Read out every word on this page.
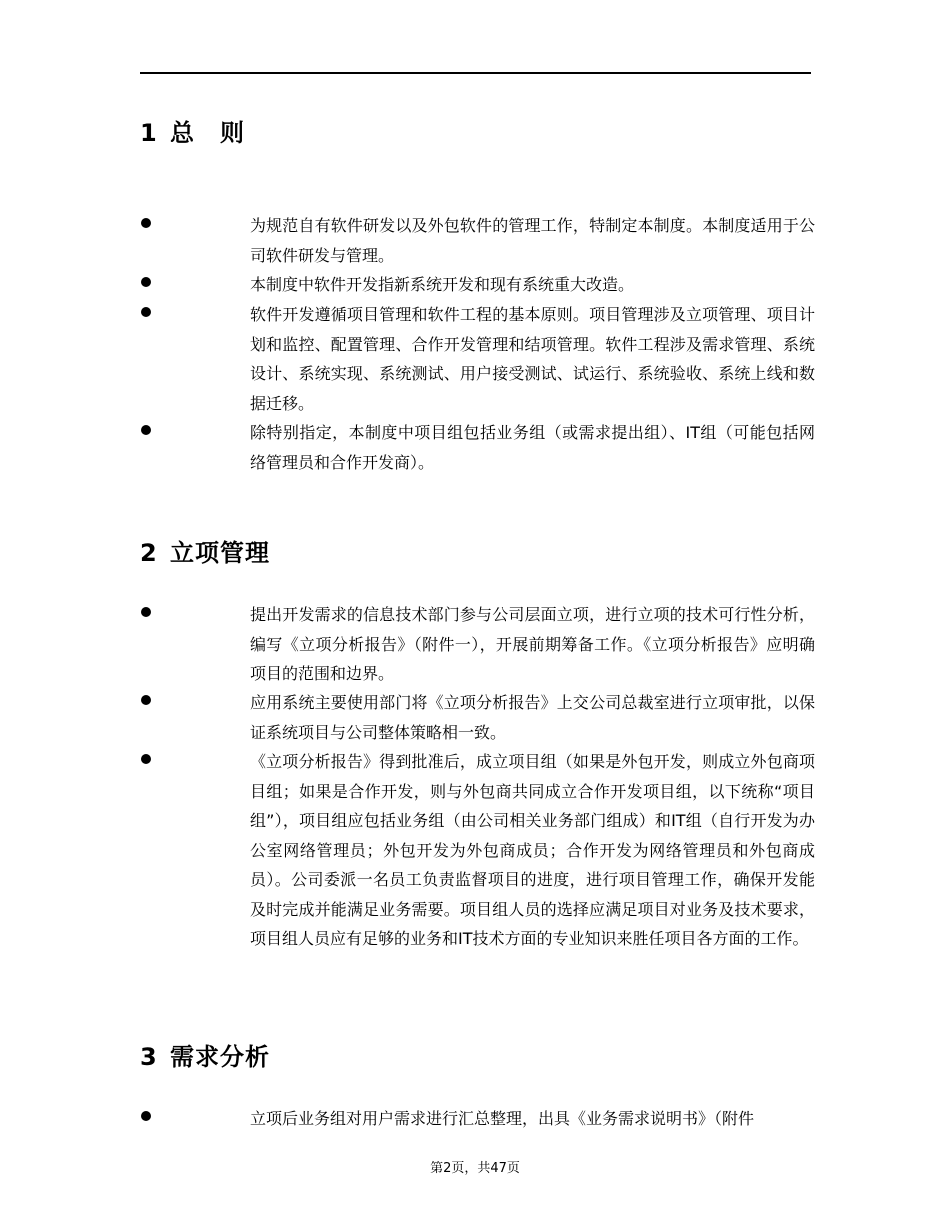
1 总　则

为规范自有软件研发以及外包软件的管理工作，特制定本制度。本制度适用于公司软件研发与管理。

本制度中软件开发指新系统开发和现有系统重大改造。

软件开发遵循项目管理和软件工程的基本原则。项目管理涉及立项管理、项目计划和监控、配置管理、合作开发管理和结项管理。软件工程涉及需求管理、系统设计、系统实现、系统测试、用户接受测试、试运行、系统验收、系统上线和数据迁移。

除特别指定，本制度中项目组包括业务组（或需求提出组）、IT组（可能包括网络管理员和合作开发商）。

2 立项管理

提出开发需求的信息技术部门参与公司层面立项，进行立项的技术可行性分析，编写《立项分析报告》（附件一），开展前期筹备工作。《立项分析报告》应明确项目的范围和边界。

应用系统主要使用部门将《立项分析报告》上交公司总裁室进行立项审批，以保证系统项目与公司整体策略相一致。

《立项分析报告》得到批准后，成立项目组（如果是外包开发，则成立外包商项目组；如果是合作开发，则与外包商共同成立合作开发项目组，以下统称“项目组”），项目组应包括业务组（由公司相关业务部门组成）和IT组（自行开发为办公室网络管理员；外包开发为外包商成员；合作开发为网络管理员和外包商成员）。公司委派一名员工负责监督项目的进度，进行项目管理工作，确保开发能及时完成并能满足业务需要。项目组人员的选择应满足项目对业务及技术要求，项目组人员应有足够的业务和IT技术方面的专业知识来胜任项目各方面的工作。

3 需求分析

立项后业务组对用户需求进行汇总整理，出具《业务需求说明书》（附件

第2页，共47页
